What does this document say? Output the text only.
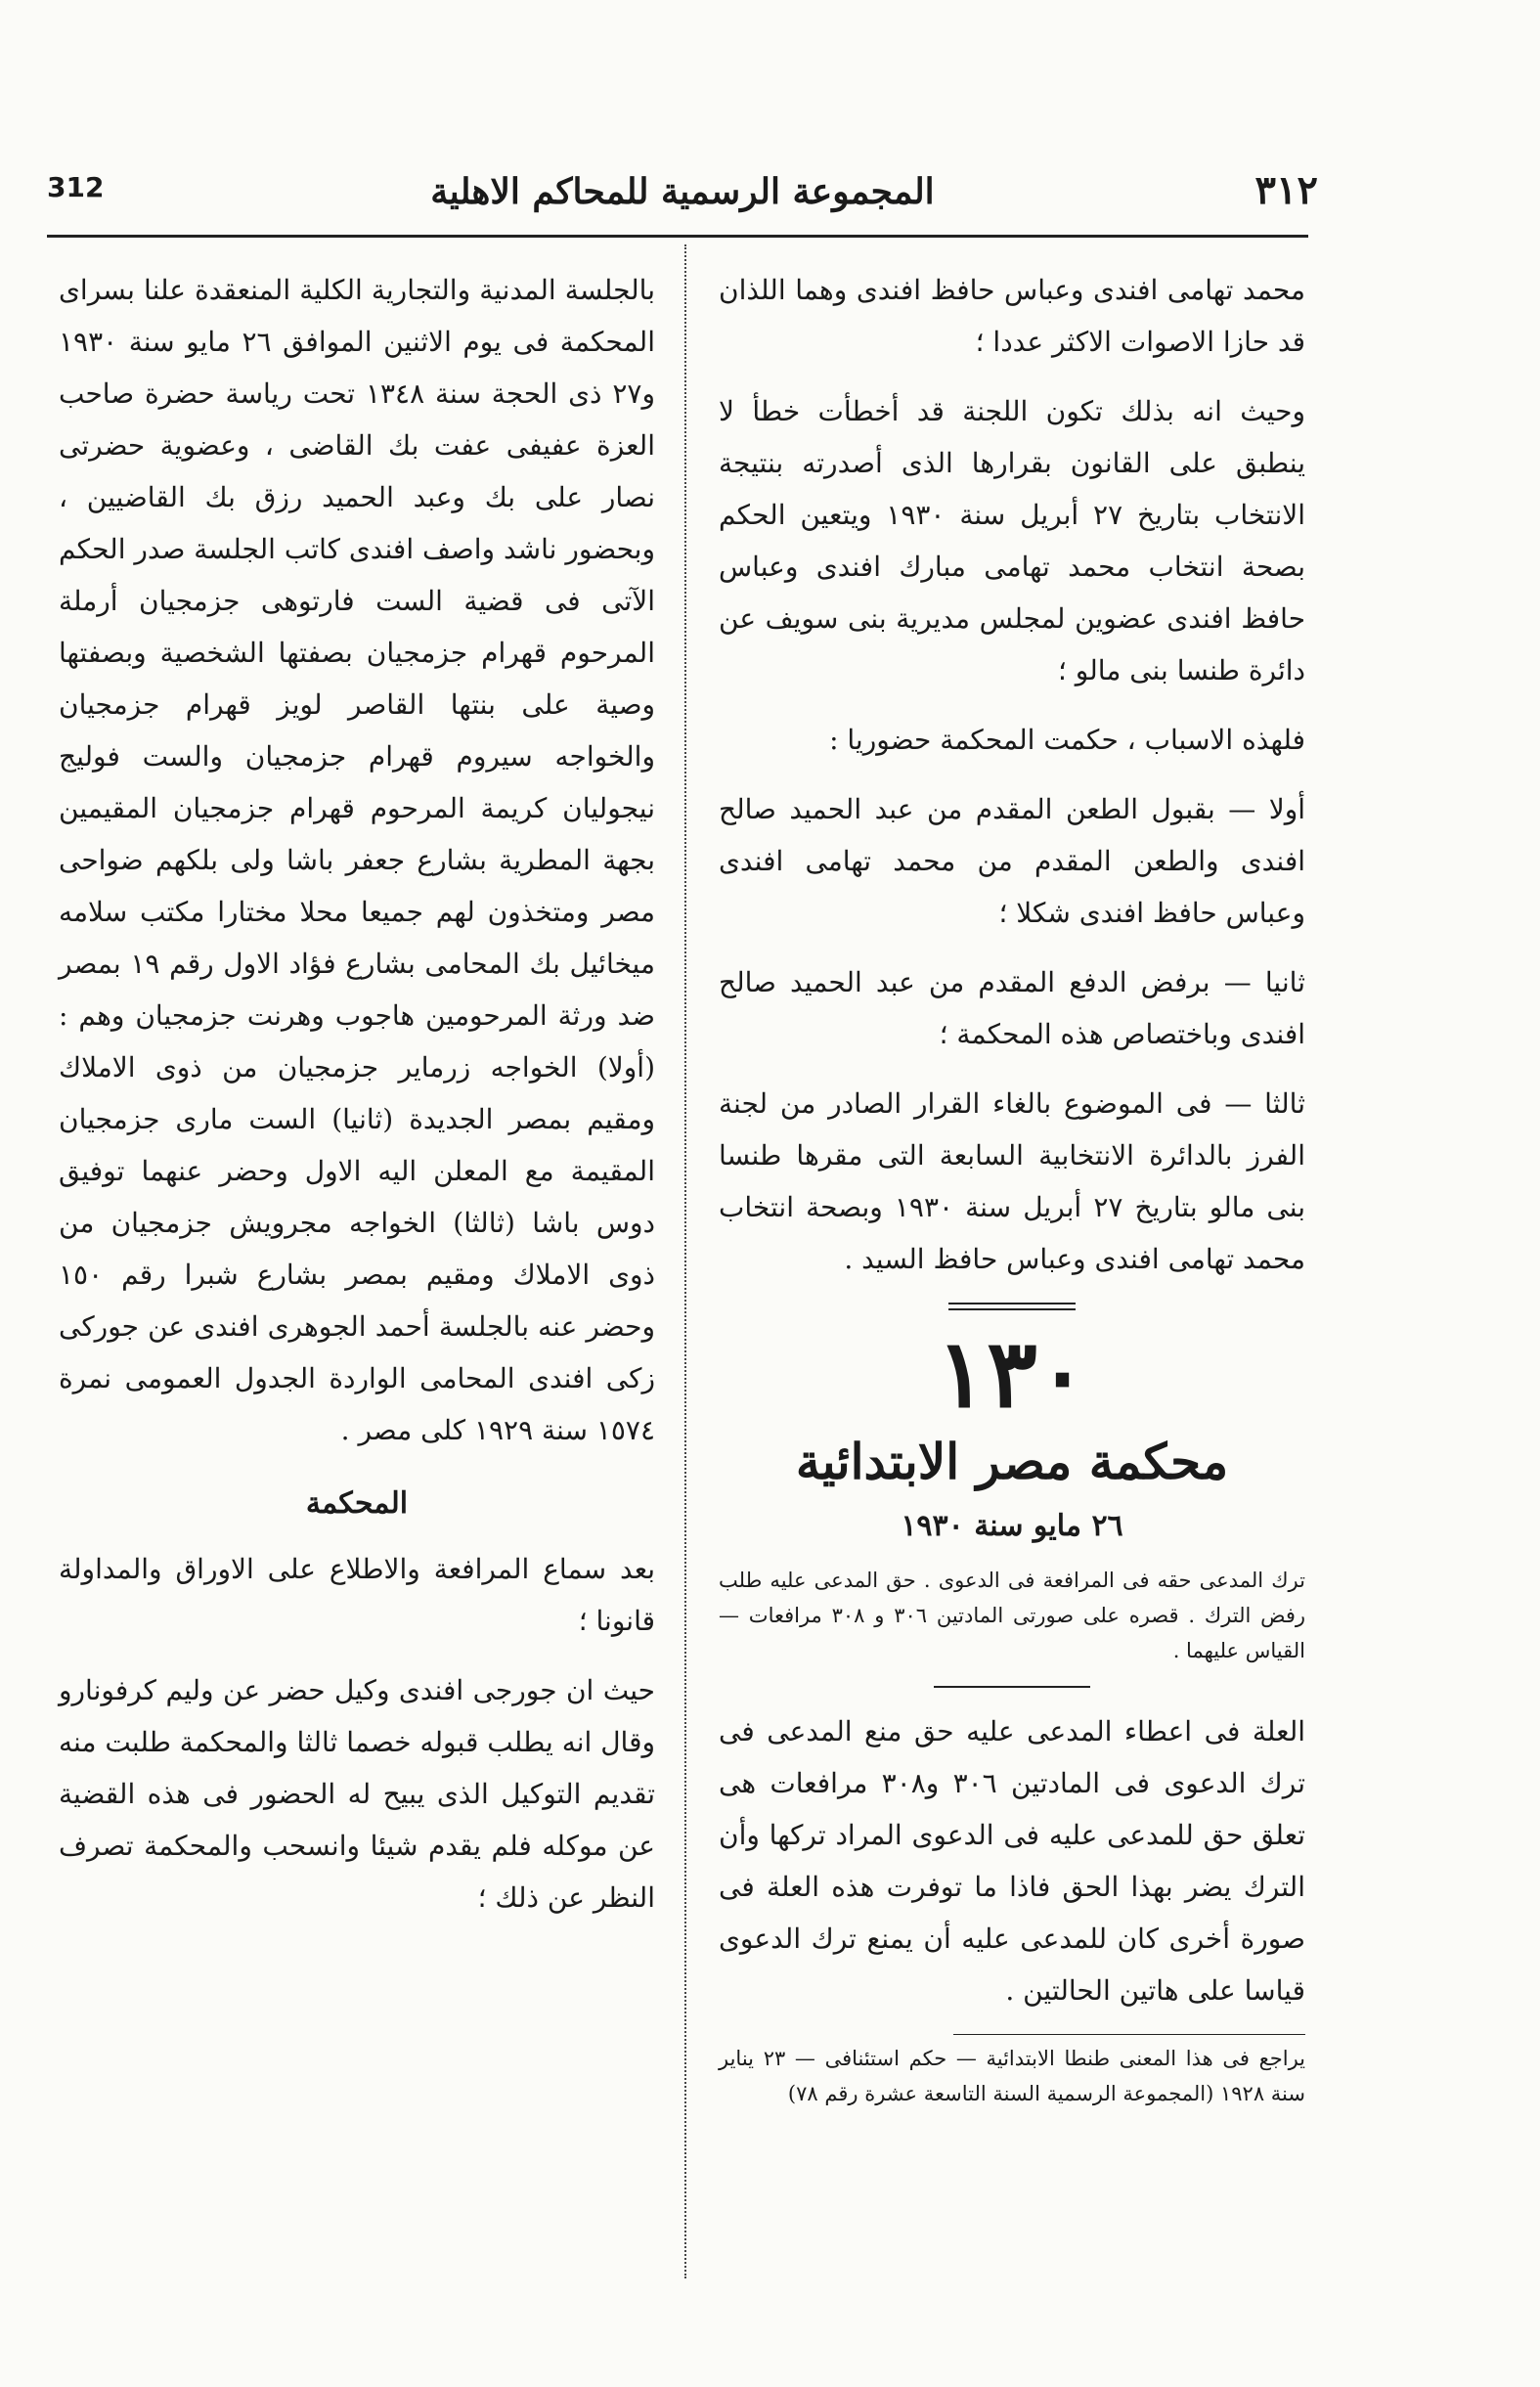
٣١٢
المجموعة الرسمية للمحاكم الاهلية
312

محمد تهامى افندى وعباس حافظ افندى وهما اللذان قد حازا الاصوات الاكثر عددا ؛

وحيث انه بذلك تكون اللجنة قد أخطأت خطأ لا ينطبق على القانون بقرارها الذى أصدرته بنتيجة الانتخاب بتاريخ ٢٧ أبريل سنة ١٩٣٠ ويتعين الحكم بصحة انتخاب محمد تهامى مبارك افندى وعباس حافظ افندى عضوين لمجلس مديرية بنى سويف عن دائرة طنسا بنى مالو ؛

فلهذه الاسباب ، حكمت المحكمة حضوريا :

أولا — بقبول الطعن المقدم من عبد الحميد صالح افندى والطعن المقدم من محمد تهامى افندى وعباس حافظ افندى شكلا ؛

ثانيا — برفض الدفع المقدم من عبد الحميد صالح افندى وباختصاص هذه المحكمة ؛

ثالثا — فى الموضوع بالغاء القرار الصادر من لجنة الفرز بالدائرة الانتخابية السابعة التى مقرها طنسا بنى مالو بتاريخ ٢٧ أبريل سنة ١٩٣٠ وبصحة انتخاب محمد تهامى افندى وعباس حافظ السيد .

١٣٠
محكمة مصر الابتدائية
٢٦ مايو سنة ١٩٣٠

ترك المدعى حقه فى المرافعة فى الدعوى . حق المدعى عليه طلب رفض الترك . قصره على صورتى المادتين ٣٠٦ و ٣٠٨ مرافعات — القياس عليهما .

العلة فى اعطاء المدعى عليه حق منع المدعى فى ترك الدعوى فى المادتين ٣٠٦ و٣٠٨ مرافعات هى تعلق حق للمدعى عليه فى الدعوى المراد تركها وأن الترك يضر بهذا الحق فاذا ما توفرت هذه العلة فى صورة أخرى كان للمدعى عليه أن يمنع ترك الدعوى قياسا على هاتين الحالتين .

يراجع فى هذا المعنى طنطا الابتدائية — حكم استئنافى — ٢٣ يناير سنة ١٩٢٨ (المجموعة الرسمية السنة التاسعة عشرة رقم ٧٨)

بالجلسة المدنية والتجارية الكلية المنعقدة علنا بسراى المحكمة فى يوم الاثنين الموافق ٢٦ مايو سنة ١٩٣٠ و٢٧ ذى الحجة سنة ١٣٤٨ تحت رياسة حضرة صاحب العزة عفيفى عفت بك القاضى ، وعضوية حضرتى نصار على بك وعبد الحميد رزق بك القاضيين ، وبحضور ناشد واصف افندى كاتب الجلسة صدر الحكم الآتى فى قضية الست فارتوهى جزمجيان أرملة المرحوم قهرام جزمجيان بصفتها الشخصية وبصفتها وصية على بنتها القاصر لويز قهرام جزمجيان والخواجه سيروم قهرام جزمجيان والست فوليج نيجوليان كريمة المرحوم قهرام جزمجيان المقيمين بجهة المطرية بشارع جعفر باشا ولى بلكهم ضواحى مصر ومتخذون لهم جميعا محلا مختارا مكتب سلامه ميخائيل بك المحامى بشارع فؤاد الاول رقم ١٩ بمصر ضد ورثة المرحومين هاجوب وهرنت جزمجيان وهم : (أولا) الخواجه زرماير جزمجيان من ذوى الاملاك ومقيم بمصر الجديدة (ثانيا) الست مارى جزمجيان المقيمة مع المعلن اليه الاول وحضر عنهما توفيق دوس باشا (ثالثا) الخواجه مجرويش جزمجيان من ذوى الاملاك ومقيم بمصر بشارع شبرا رقم ١٥٠ وحضر عنه بالجلسة أحمد الجوهرى افندى عن جوركى زكى افندى المحامى الواردة الجدول العمومى نمرة ١٥٧٤ سنة ١٩٢٩ كلى مصر .

المحكمة

بعد سماع المرافعة والاطلاع على الاوراق والمداولة قانونا ؛

حيث ان جورجى افندى وكيل حضر عن وليم كرفونارو وقال انه يطلب قبوله خصما ثالثا والمحكمة طلبت منه تقديم التوكيل الذى يبيح له الحضور فى هذه القضية عن موكله فلم يقدم شيئا وانسحب والمحكمة تصرف النظر عن ذلك ؛
